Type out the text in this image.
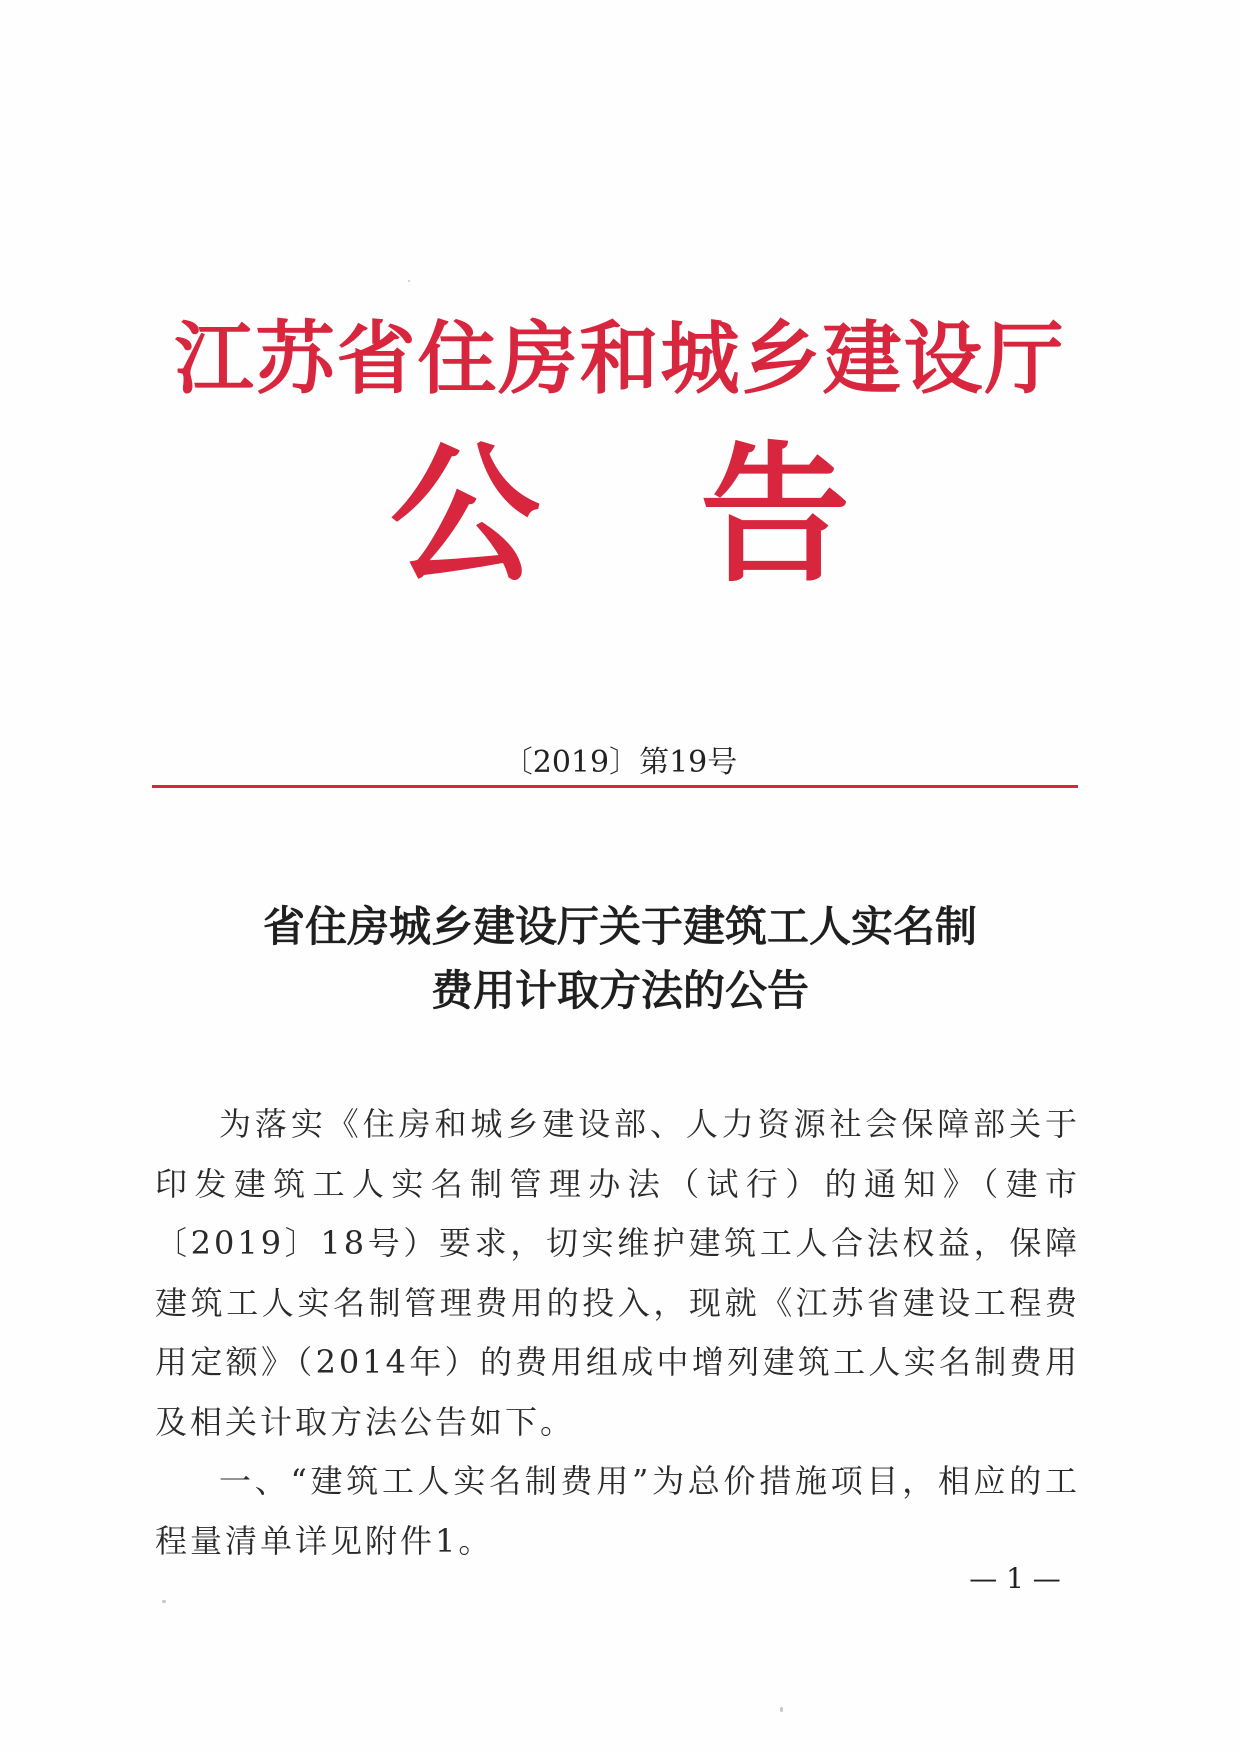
江苏省住房和城乡建设厅
公告
〔2019〕第19号
省住房城乡建设厅关于建筑工人实名制
费用计取方法的公告

为落实《住房和城乡建设部、人力资源社会保障部关于印发建筑工人实名制管理办法（试行）的通知》（建市〔2019〕18号）要求，切实维护建筑工人合法权益，保障建筑工人实名制管理费用的投入，现就《江苏省建设工程费用定额》（2014年）的费用组成中增列建筑工人实名制费用及相关计取方法公告如下。

一、“建筑工人实名制费用”为总价措施项目，相应的工程量清单详见附件1。

— 1 —
